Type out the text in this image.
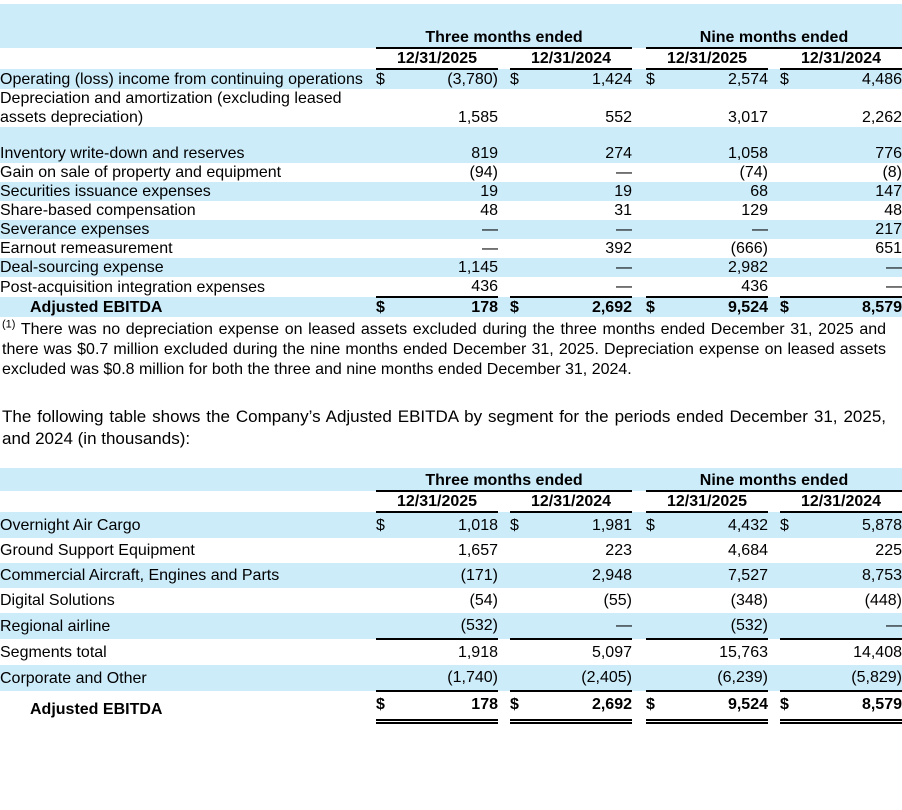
	Three months ended				Nine months ended		
	12/31/2025		12/31/2024		12/31/2025		12/31/2024
Operating (loss) income from continuing operations	$ (3,780)		$ 1,424		$ 2,574		$ 4,486
Depreciation and amortization (excluding leased assets depreciation)	1,585		552		3,017		2,262

Inventory write-down and reserves	819		274		1,058		776
Gain on sale of property and equipment	(94)		—		(74)		(8)
Securities issuance expenses	19		19		68		147
Share-based compensation	48		31		129		48
Severance expenses	—		—		—		217
Earnout remeasurement	—		392		(666)		651
Deal-sourcing expense	1,145		—		2,982		—
Post-acquisition integration expenses	436		—		436		—
Adjusted EBITDA	$ 178		$ 2,692		$ 9,524		$ 8,579

$^{(1)}$ There was no depreciation expense on leased assets excluded during the three months ended December 31, 2025 and there was $0.7 million excluded during the nine months ended December 31, 2025. Depreciation expense on leased assets excluded was $0.8 million for both the three and nine months ended December 31, 2024.

The following table shows the Company’s Adjusted EBITDA by segment for the periods ended December 31, 2025, and 2024 (in thousands):

	Three months ended				Nine months ended		
	12/31/2025		12/31/2024		12/31/2025		12/31/2024
Overnight Air Cargo	$ 1,018		$ 1,981		$ 4,432		$ 5,878
Ground Support Equipment	1,657		223		4,684		225
Commercial Aircraft, Engines and Parts	(171)		2,948		7,527		8,753
Digital Solutions	(54)		(55)		(348)		(448)
Regional airline	(532)		—		(532)		—
Segments total	1,918		5,097		15,763		14,408
Corporate and Other	(1,740)		(2,405)		(6,239)		(5,829)
Adjusted EBITDA	$ 178		$ 2,692		$ 9,524		$ 8,579
